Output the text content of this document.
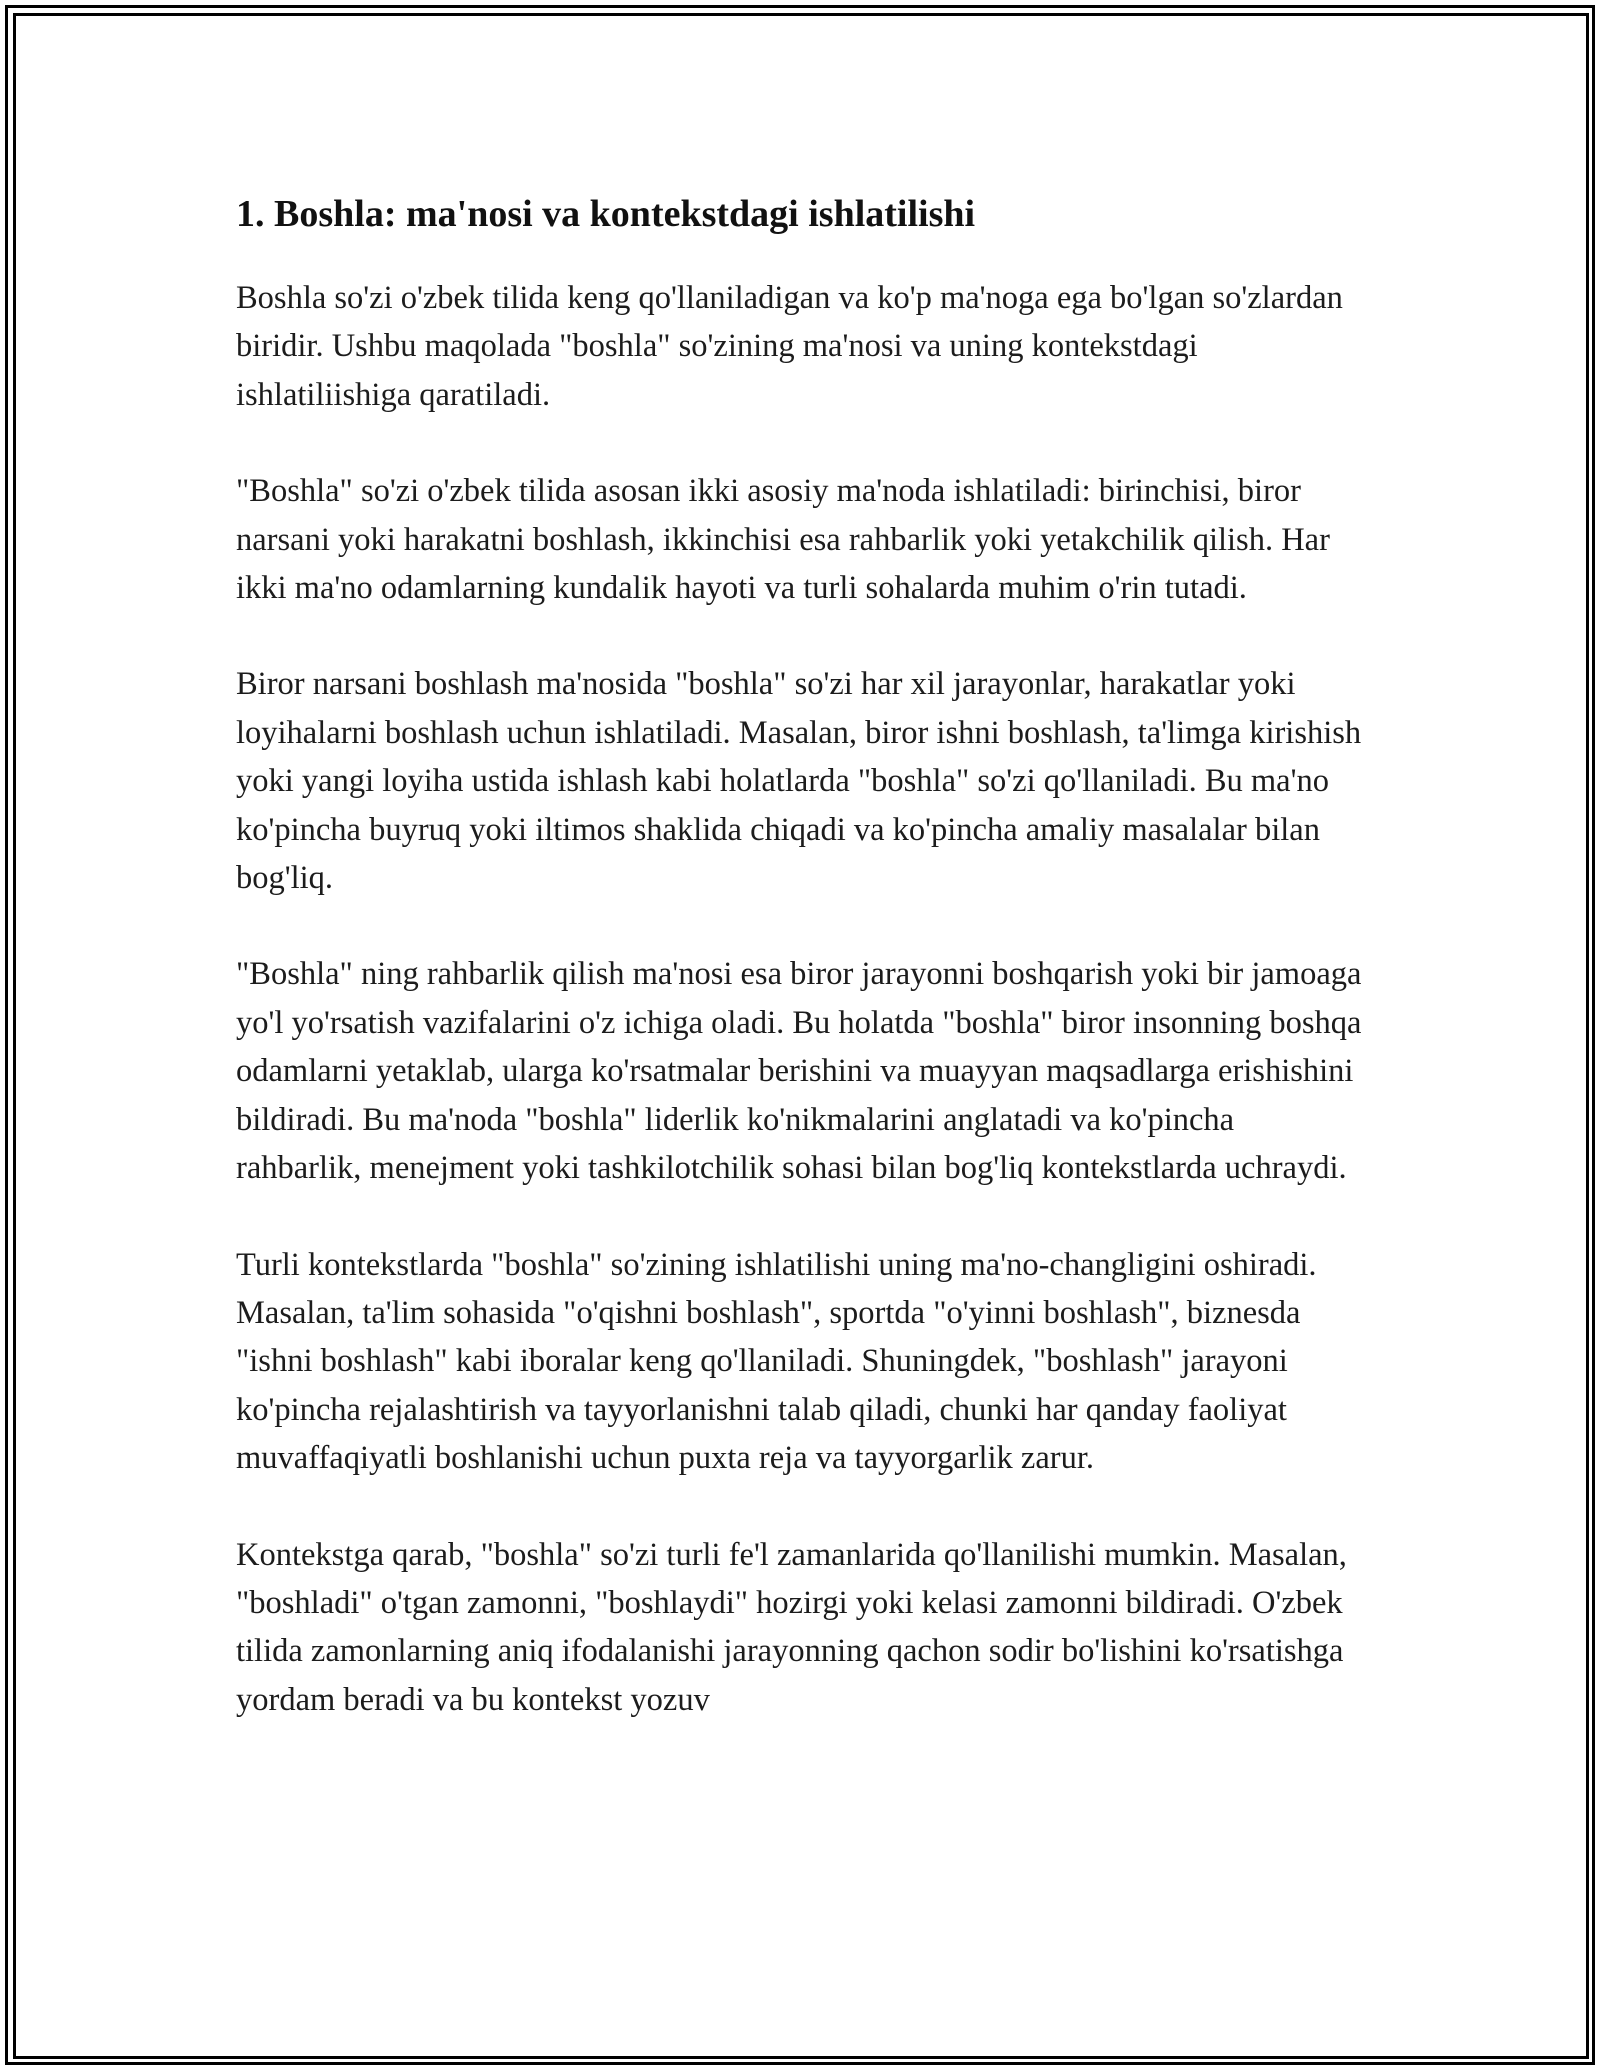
1. Boshla: ma'nosi va kontekstdagi ishlatilishi

Boshla so'zi o'zbek tilida keng qo'llaniladigan va ko'p ma'noga ega bo'lgan so'zlardan biridir. Ushbu maqolada "boshla" so'zining ma'nosi va uning kontekstdagi ishlatiliishiga qaratiladi.

"Boshla" so'zi o'zbek tilida asosan ikki asosiy ma'noda ishlatiladi: birinchisi, biror narsani yoki harakatni boshlash, ikkinchisi esa rahbarlik yoki yetakchilik qilish. Har ikki ma'no odamlarning kundalik hayoti va turli sohalarda muhim o'rin tutadi.

Biror narsani boshlash ma'nosida "boshla" so'zi har xil jarayonlar, harakatlar yoki loyihalarni boshlash uchun ishlatiladi. Masalan, biror ishni boshlash, ta'limga kirishish yoki yangi loyiha ustida ishlash kabi holatlarda "boshla" so'zi qo'llaniladi. Bu ma'no ko'pincha buyruq yoki iltimos shaklida chiqadi va ko'pincha amaliy masalalar bilan bog'liq.

"Boshla" ning rahbarlik qilish ma'nosi esa biror jarayonni boshqarish yoki bir jamoaga yo'l yo'rsatish vazifalarini o'z ichiga oladi. Bu holatda "boshla" biror insonning boshqa odamlarni yetaklab, ularga ko'rsatmalar berishini va muayyan maqsadlarga erishishini bildiradi. Bu ma'noda "boshla" liderlik ko'nikmalarini anglatadi va ko'pincha rahbarlik, menejment yoki tashkilotchilik sohasi bilan bog'liq kontekstlarda uchraydi.

Turli kontekstlarda "boshla" so'zining ishlatilishi uning ma'no-changligini oshiradi. Masalan, ta'lim sohasida "o'qishni boshlash", sportda "o'yinni boshlash", biznesda "ishni boshlash" kabi iboralar keng qo'llaniladi. Shuningdek, "boshlash" jarayoni ko'pincha rejalashtirish va tayyorlanishni talab qiladi, chunki har qanday faoliyat muvaffaqiyatli boshlanishi uchun puxta reja va tayyorgarlik zarur.

Kontekstga qarab, "boshla" so'zi turli fe'l zamanlarida qo'llanilishi mumkin. Masalan, "boshladi" o'tgan zamonni, "boshlaydi" hozirgi yoki kelasi zamonni bildiradi. O'zbek tilida zamonlarning aniq ifodalanishi jarayonning qachon sodir bo'lishini ko'rsatishga yordam beradi va bu kontekst yozuv
